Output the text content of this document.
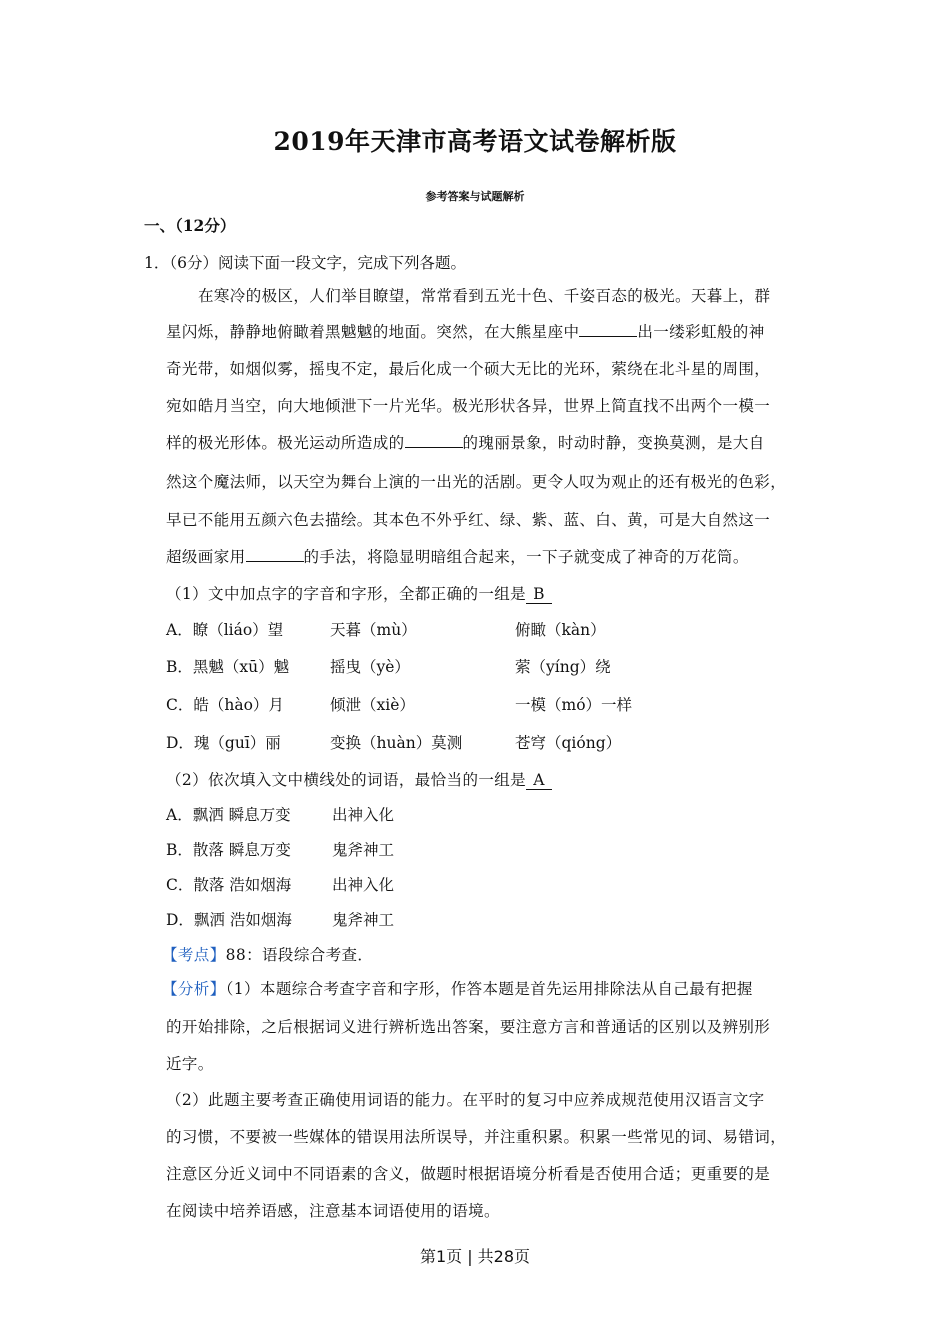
2019年天津市高考语文试卷解析版
参考答案与试题解析
一、（12分）
1．（6分）阅读下面一段文字，完成下列各题。
在寒冷的极区，人们举目瞭望，常常看到五光十色、千姿百态的极光。天暮上，群
星闪烁，静静地俯瞰着黑魆魆的地面。突然，在大熊星座中	出一缕彩虹般的神
奇光带，如烟似雾，摇曳不定，最后化成一个硕大无比的光环，萦绕在北斗星的周围，
宛如皓月当空，向大地倾泄下一片光华。极光形状各异，世界上简直找不出两个一模一
样的极光形体。极光运动所造成的	的瑰丽景象，时动时静，变换莫测，是大自
然这个魔法师，以天空为舞台上演的一出光的活剧。更令人叹为观止的还有极光的色彩，
早已不能用五颜六色去描绘。其本色不外乎红、绿、紫、蓝、白、黄，可是大自然这一
超级画家用	的手法，将隐显明暗组合起来，一下子就变成了神奇的万花筒。
（1）文中加点字的字音和字形，全都正确的一组是 B
A．瞭（liáo）望	天暮（mù）	俯瞰（kàn）
B．黑魆（xū）魆	摇曳（yè）	萦（yíng）绕
C．皓（hào）月	倾泄（xiè）	一模（mó）一样
D．瑰（guī）丽	变换（huàn）莫测	苍穹（qióng）
（2）依次填入文中横线处的词语，最恰当的一组是 A
A．飘洒 瞬息万变	出神入化
B．散落 瞬息万变	鬼斧神工
C．散落 浩如烟海	出神入化
D．飘洒 浩如烟海	鬼斧神工
【考点】88：语段综合考查．
【分析】（1）本题综合考查字音和字形，作答本题是首先运用排除法从自己最有把握
的开始排除，之后根据词义进行辨析选出答案，要注意方言和普通话的区别以及辨别形
近字。
（2）此题主要考查正确使用词语的能力。在平时的复习中应养成规范使用汉语言文字
的习惯，不要被一些媒体的错误用法所误导，并注重积累。积累一些常见的词、易错词，
注意区分近义词中不同语素的含义，做题时根据语境分析看是否使用合适；更重要的是
在阅读中培养语感，注意基本词语使用的语境。
第1页 | 共28页
